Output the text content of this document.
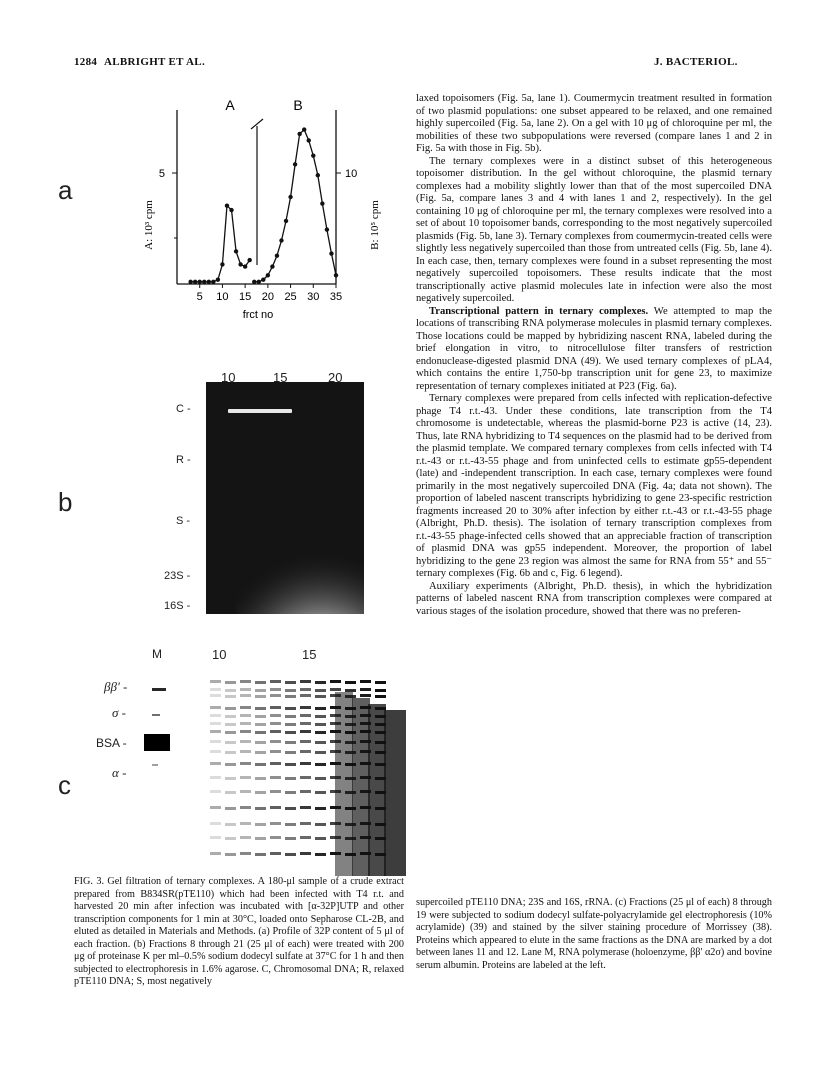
1284 ALBRIGHT ET AL.	J. BACTERIOL.
a
b
c
A	B
5	10
A: 10³ cpm	B: 10⁵ cpm
frct no
5 10 15 20 25 30 35
10	15	20
C -
R -
S -
23S -
16S -
M	10	15
ββ' -
σ -
BSA -
α -

laxed topoisomers (Fig. 5a, lane 1). Coumermycin treatment resulted in formation of two plasmid populations: one subset appeared to be relaxed, and one remained highly supercoiled (Fig. 5a, lane 2). On a gel with 10 μg of chloroquine per ml, the mobilities of these two subpopulations were reversed (compare lanes 1 and 2 in Fig. 5a with those in Fig. 5b).

The ternary complexes were in a distinct subset of this heterogeneous topoisomer distribution. In the gel without chloroquine, the plasmid ternary complexes had a mobility slightly lower than that of the most supercoiled DNA (Fig. 5a, compare lanes 3 and 4 with lanes 1 and 2, respectively). In the gel containing 10 μg of chloroquine per ml, the ternary complexes were resolved into a set of about 10 topoisomer bands, corresponding to the most negatively supercoiled plasmids (Fig. 5b, lane 3). Ternary complexes from coumermycin-treated cells were slightly less negatively supercoiled than those from untreated cells (Fig. 5b, lane 4). In each case, then, ternary complexes were found in a subset representing the most negatively supercoiled topoisomers. These results indicate that the most transcriptionally active plasmid molecules late in infection were also the most negatively supercoiled.

Transcriptional pattern in ternary complexes. We attempted to map the locations of transcribing RNA polymerase molecules in plasmid ternary complexes. Those locations could be mapped by hybridizing nascent RNA, labeled during the brief elongation in vitro, to nitrocellulose filter transfers of restriction endonuclease-digested plasmid DNA (49). We used ternary complexes of pLA4, which contains the entire 1,750-bp transcription unit for gene 23, to maximize representation of ternary complexes initiated at P23 (Fig. 6a).

Ternary complexes were prepared from cells infected with replication-defective phage T4 r.t.-43. Under these conditions, late transcription from the T4 chromosome is undetectable, whereas the plasmid-borne P23 is active (14, 23). Thus, late RNA hybridizing to T4 sequences on the plasmid had to be derived from the plasmid template. We compared ternary complexes from cells infected with T4 r.t.-43 or r.t.-43-55 phage and from uninfected cells to estimate gp55-dependent (late) and -independent transcription. In each case, ternary complexes were found primarily in the most negatively supercoiled DNA (Fig. 4a; data not shown). The proportion of labeled nascent transcripts hybridizing to gene 23-specific restriction fragments increased 20 to 30% after infection by either r.t.-43 or r.t.-43-55 phage (Albright, Ph.D. thesis). The isolation of ternary transcription complexes from r.t.-43-55 phage-infected cells showed that an appreciable fraction of transcription of plasmid DNA was gp55 independent. Moreover, the proportion of label hybridizing to the gene 23 region was almost the same for RNA from 55⁺ and 55⁻ ternary complexes (Fig. 6b and c, Fig. 6 legend).

Auxiliary experiments (Albright, Ph.D. thesis), in which the hybridization patterns of labeled nascent RNA from transcription complexes were compared at various stages of the isolation procedure, showed that there was no preferen-

FIG. 3. Gel filtration of ternary complexes. A 180-μl sample of a crude extract prepared from B834SR(pTE110) which had been infected with T4 r.t. and harvested 20 min after infection was incubated with [α-32P]UTP and other transcription components for 1 min at 30°C, loaded onto Sepharose CL-2B, and eluted as detailed in Materials and Methods. (a) Profile of 32P content of 5 μl of each fraction. (b) Fractions 8 through 21 (25 μl of each) were treated with 200 μg of proteinase K per ml–0.5% sodium dodecyl sulfate at 37°C for 1 h and then subjected to electrophoresis in 1.6% agarose. C, Chromosomal DNA; R, relaxed pTE110 DNA; S, most negatively
supercoiled pTE110 DNA; 23S and 16S, rRNA. (c) Fractions (25 μl of each) 8 through 19 were subjected to sodium dodecyl sulfate-polyacrylamide gel electrophoresis (10% acrylamide) (39) and stained by the silver staining procedure of Morrissey (38). Proteins which appeared to elute in the same fractions as the DNA are marked by a dot between lanes 11 and 12. Lane M, RNA polymerase (holoenzyme, ββ' α2σ) and bovine serum albumin. Proteins are labeled at the left.
